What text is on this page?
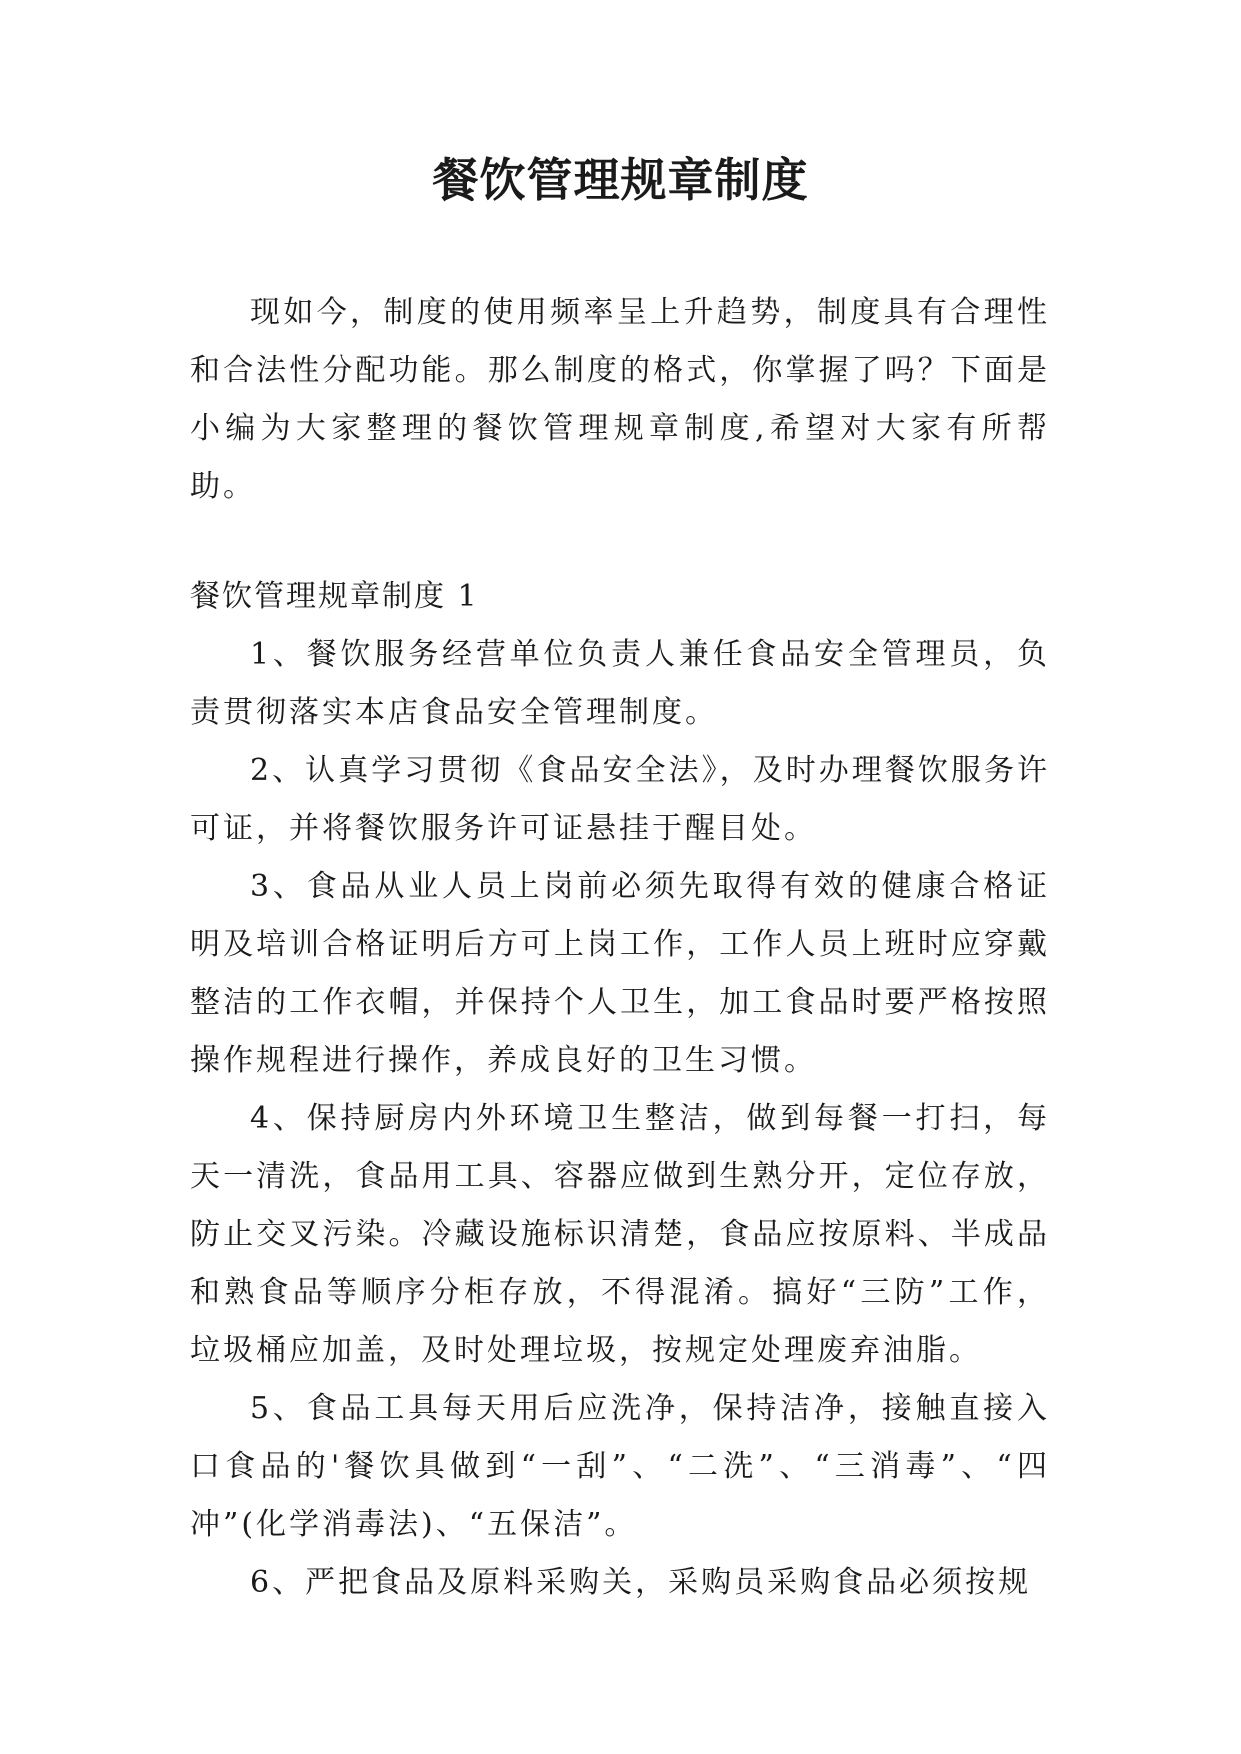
餐饮管理规章制度

现如今，制度的使用频率呈上升趋势，制度具有合理性和合法性分配功能。那么制度的格式，你掌握了吗？下面是小编为大家整理的餐饮管理规章制度,希望对大家有所帮助。

餐饮管理规章制度 1

1、餐饮服务经营单位负责人兼任食品安全管理员，负责贯彻落实本店食品安全管理制度。

2、认真学习贯彻《食品安全法》，及时办理餐饮服务许可证，并将餐饮服务许可证悬挂于醒目处。

3、食品从业人员上岗前必须先取得有效的健康合格证明及培训合格证明后方可上岗工作，工作人员上班时应穿戴整洁的工作衣帽，并保持个人卫生，加工食品时要严格按照操作规程进行操作，养成良好的卫生习惯。

4、保持厨房内外环境卫生整洁，做到每餐一打扫，每天一清洗，食品用工具、容器应做到生熟分开，定位存放，防止交叉污染。冷藏设施标识清楚，食品应按原料、半成品和熟食品等顺序分柜存放，不得混淆。搞好“三防”工作，垃圾桶应加盖，及时处理垃圾，按规定处理废弃油脂。

5、食品工具每天用后应洗净，保持洁净，接触直接入口食品的'餐饮具做到“一刮”、“二洗”、“三消毒”、“四冲”(化学消毒法)、“五保洁”。

6、严把食品及原料采购关，采购员采购食品必须按规
